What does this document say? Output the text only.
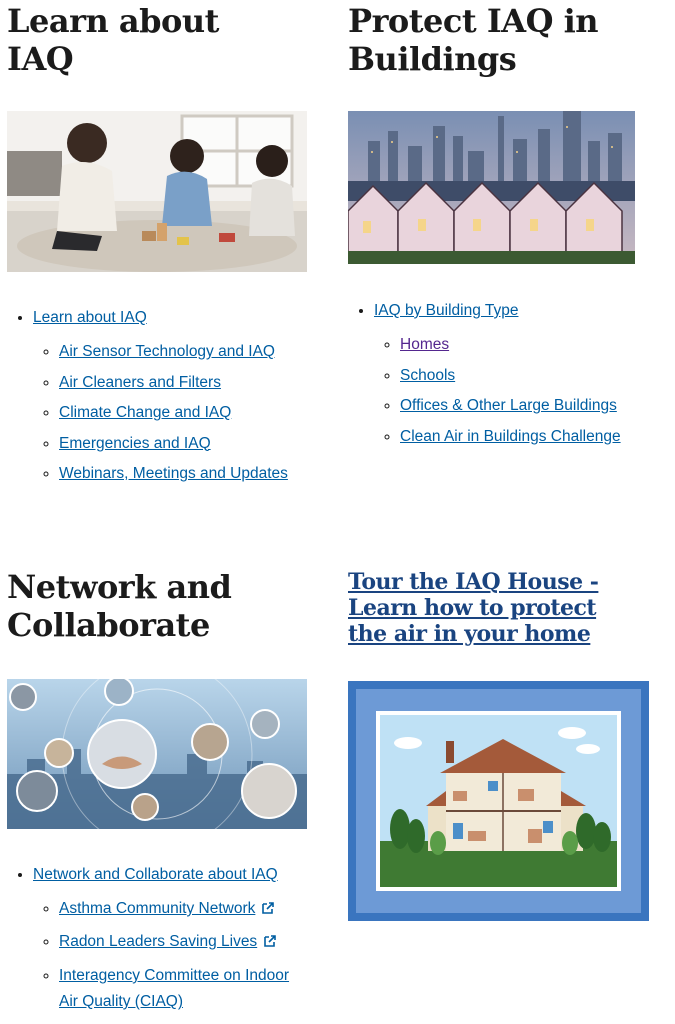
Learn about IAQ
• Learn about IAQ
◦ Air Sensor Technology and IAQ
◦ Air Cleaners and Filters
◦ Climate Change and IAQ
◦ Emergencies and IAQ
◦ Webinars, Meetings and Updates
Protect IAQ in Buildings
• IAQ by Building Type
◦ Homes
◦ Schools
◦ Offices & Other Large Buildings
◦ Clean Air in Buildings Challenge
Network and Collaborate
• Network and Collaborate about IAQ
◦ Asthma Community Network
◦ Radon Leaders Saving Lives
◦ Interagency Committee on Indoor Air Quality (CIAQ)
Tour the IAQ House - Learn how to protect the air in your home
